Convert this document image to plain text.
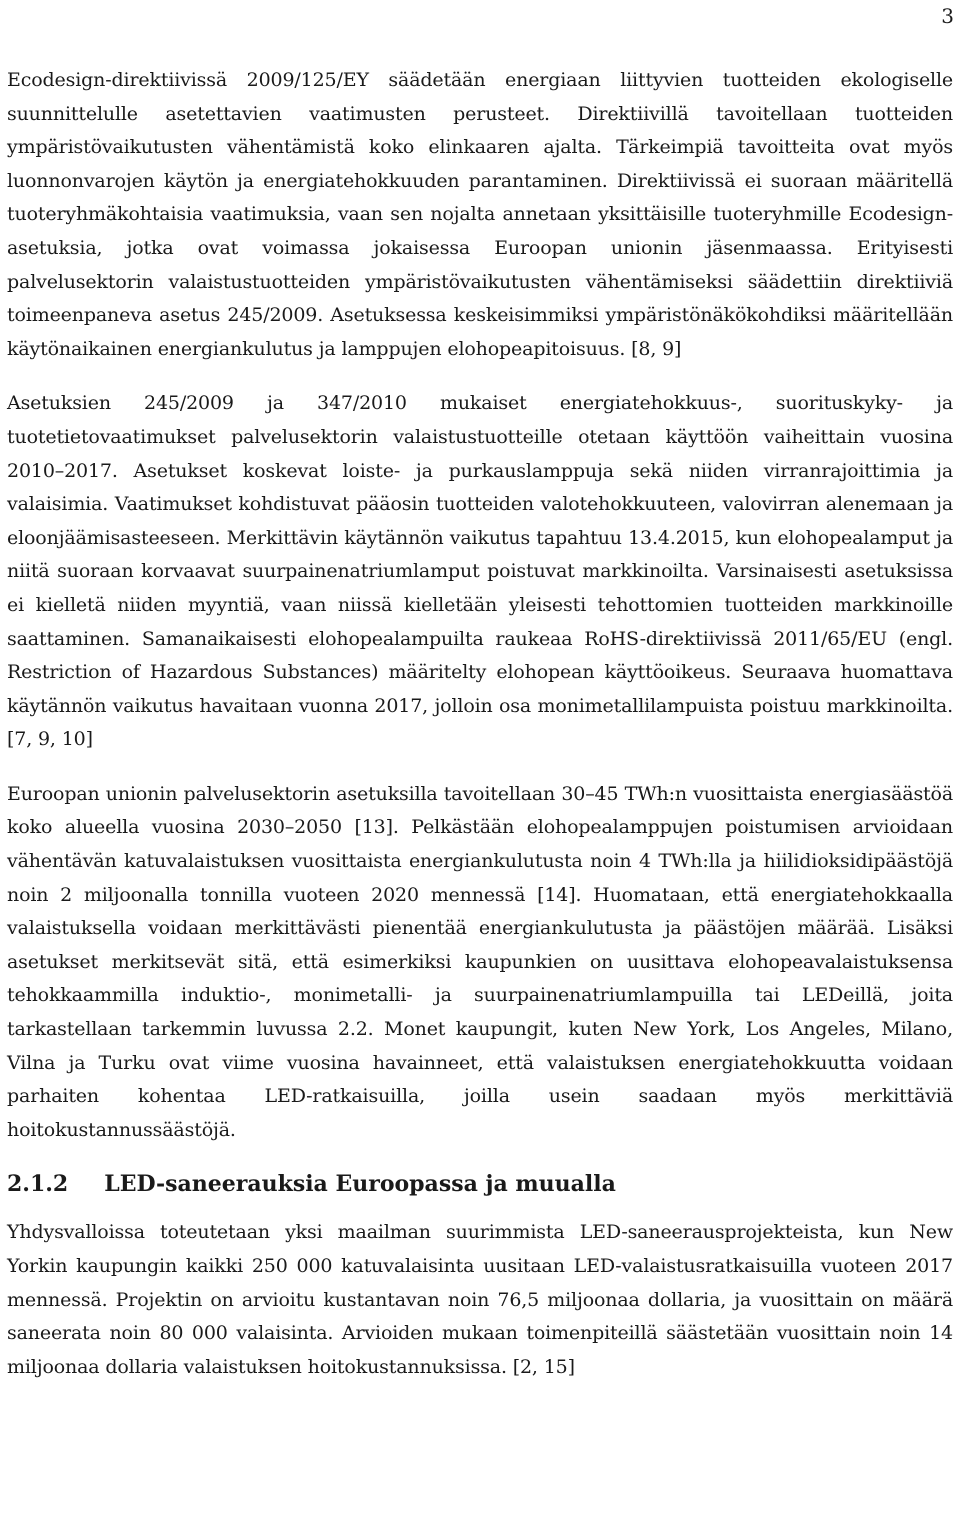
3

Ecodesign-direktiivissä 2009/125/EY säädetään energiaan liittyvien tuotteiden ekologiselle suunnittelulle asetettavien vaatimusten perusteet. Direktiivillä tavoitellaan tuotteiden ympäristövaikutusten vähentämistä koko elinkaaren ajalta. Tärkeimpiä tavoitteita ovat myös luonnonvarojen käytön ja energiatehokkuuden parantaminen. Direktiivissä ei suoraan määritellä tuoteryhmäkohtaisia vaatimuksia, vaan sen nojalta annetaan yksittäisille tuoteryhmille Ecodesign-asetuksia, jotka ovat voimassa jokaisessa Euroopan unionin jäsenmaassa. Erityisesti palvelusektorin valaistustuotteiden ympäristövaikutusten vähentämiseksi säädettiin direktiiviä toimeenpaneva asetus 245/2009. Asetuksessa keskeisimmiksi ympäristönäkökohdiksi määritellään käytönaikainen energiankulutus ja lamppujen elohopeapitoisuus. [8, 9]

Asetuksien 245/2009 ja 347/2010 mukaiset energiatehokkuus-, suorituskyky- ja tuotetietovaatimukset palvelusektorin valaistustuotteille otetaan käyttöön vaiheittain vuosina 2010–2017. Asetukset koskevat loiste- ja purkauslamppuja sekä niiden virranrajoittimia ja valaisimia. Vaatimukset kohdistuvat pääosin tuotteiden valotehokkuuteen, valovirran alenemaan ja eloonjäämisasteeseen. Merkittävin käytännön vaikutus tapahtuu 13.4.2015, kun elohopealamput ja niitä suoraan korvaavat suurpainenatriumlamput poistuvat markkinoilta. Varsinaisesti asetuksissa ei kielletä niiden myyntiä, vaan niissä kielletään yleisesti tehottomien tuotteiden markkinoille saattaminen. Samanaikaisesti elohopealampuilta raukeaa RoHS-direktiivissä 2011/65/EU (engl. Restriction of Hazardous Substances) määritelty elohopean käyttöoikeus. Seuraava huomattava käytännön vaikutus havaitaan vuonna 2017, jolloin osa monimetallilampuista poistuu markkinoilta. [7, 9, 10]

Euroopan unionin palvelusektorin asetuksilla tavoitellaan 30–45 TWh:n vuosittaista energiasäästöä koko alueella vuosina 2030–2050 [13]. Pelkästään elohopealamppujen poistumisen arvioidaan vähentävän katuvalaistuksen vuosittaista energiankulutusta noin 4 TWh:lla ja hiilidioksidipäästöjä noin 2 miljoonalla tonnilla vuoteen 2020 mennessä [14]. Huomataan, että energiatehokkaalla valaistuksella voidaan merkittävästi pienentää energiankulutusta ja päästöjen määrää. Lisäksi asetukset merkitsevät sitä, että esimerkiksi kaupunkien on uusittava elohopeavalaistuksensa tehokkaammilla induktio-, monimetalli- ja suurpainenatriumlampuilla tai LEDeillä, joita tarkastellaan tarkemmin luvussa 2.2. Monet kaupungit, kuten New York, Los Angeles, Milano, Vilna ja Turku ovat viime vuosina havainneet, että valaistuksen energiatehokkuutta voidaan parhaiten kohentaa LED-ratkaisuilla, joilla usein saadaan myös merkittäviä hoitokustannussäästöjä.

2.1.2 LED-saneerauksia Euroopassa ja muualla

Yhdysvalloissa toteutetaan yksi maailman suurimmista LED-saneerausprojekteista, kun New Yorkin kaupungin kaikki 250 000 katuvalaisinta uusitaan LED-valaistusratkaisuilla vuoteen 2017 mennessä. Projektin on arvioitu kustantavan noin 76,5 miljoonaa dollaria, ja vuosittain on määrä saneerata noin 80 000 valaisinta. Arvioiden mukaan toimenpiteillä säästetään vuosittain noin 14 miljoonaa dollaria valaistuksen hoitokustannuksissa. [2, 15]
